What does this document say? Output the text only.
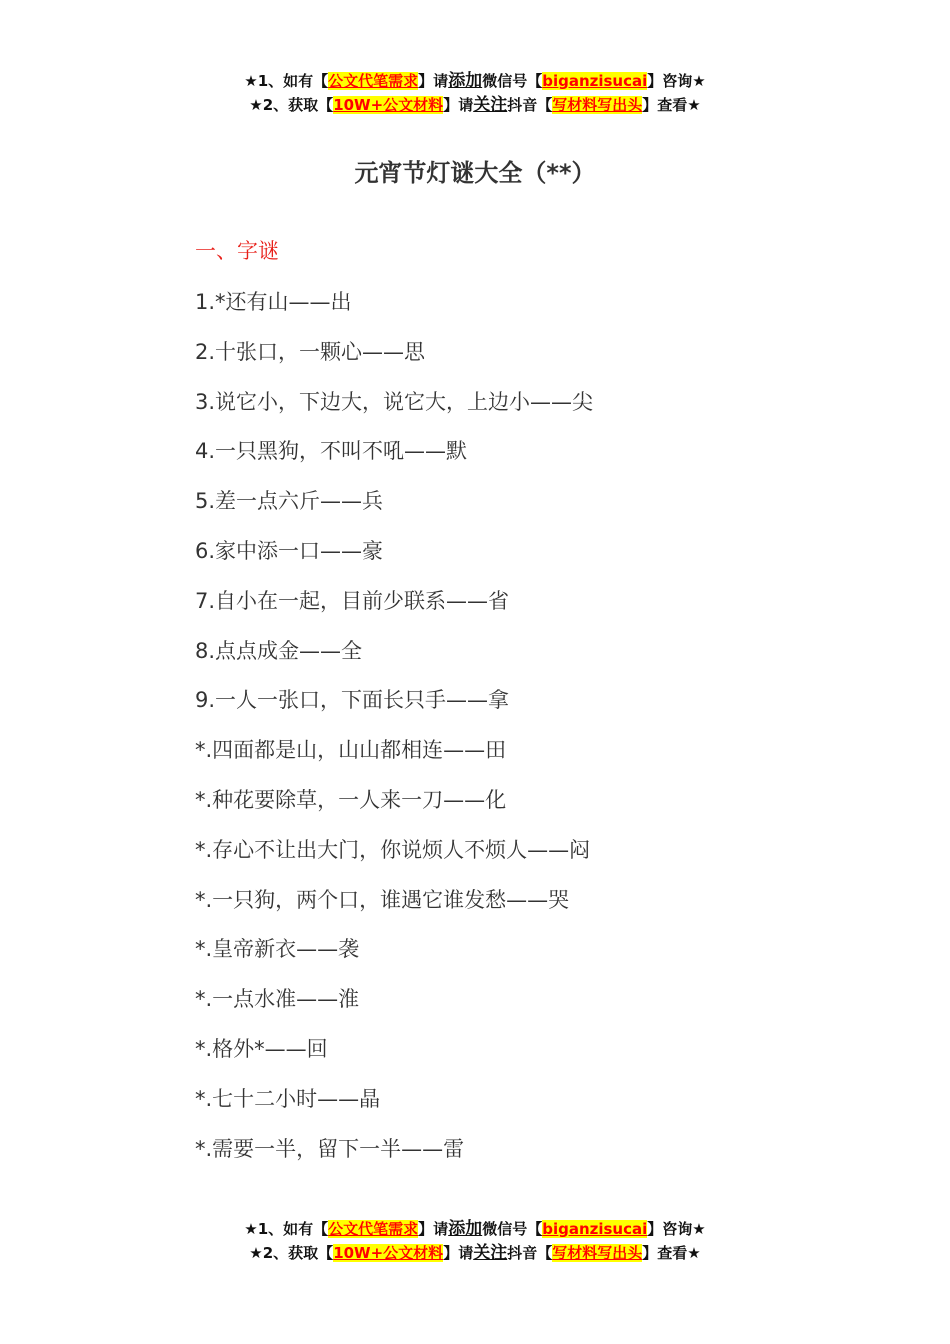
★1、如有【公文代笔需求】请添加微信号【biganzisucai】咨询★
★2、获取【10W+公文材料】请关注抖音【写材料写出头】查看★
元宵节灯谜大全（**）
一、字谜
1.*还有山——出
2.十张口，一颗心——思
3.说它小，下边大，说它大，上边小——尖
4.一只黑狗，不叫不吼——默
5.差一点六斤——兵
6.家中添一口——豪
7.自小在一起，目前少联系——省
8.点点成金——全
9.一人一张口，下面长只手——拿
*.四面都是山，山山都相连——田
*.种花要除草，一人来一刀——化
*.存心不让出大门，你说烦人不烦人——闷
*.一只狗，两个口，谁遇它谁发愁——哭
*.皇帝新衣——袭
*.一点水准——淮
*.格外*——回
*.七十二小时——晶
*.需要一半，留下一半——雷
★1、如有【公文代笔需求】请添加微信号【biganzisucai】咨询★
★2、获取【10W+公文材料】请关注抖音【写材料写出头】查看★
